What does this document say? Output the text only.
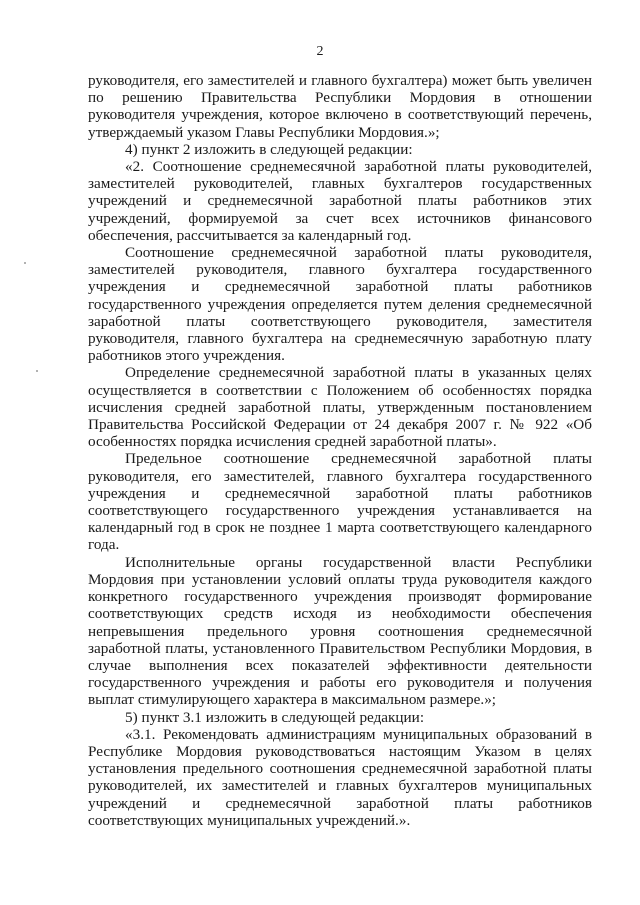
2

руководителя, его заместителей и главного бухгалтера) может быть увеличен по решению Правительства Республики Мордовия в отношении руководителя учреждения, которое включено в соответствующий перечень, утверждаемый указом Главы Республики Мордовия.»;

4) пункт 2 изложить в следующей редакции:

«2. Соотношение среднемесячной заработной платы руководителей, заместителей руководителей, главных бухгалтеров государственных учреждений и среднемесячной заработной платы работников этих учреждений, формируемой за счет всех источников финансового обеспечения, рассчитывается за календарный год.

Соотношение среднемесячной заработной платы руководителя, заместителей руководителя, главного бухгалтера государственного учреждения и среднемесячной заработной платы работников государственного учреждения определяется путем деления среднемесячной заработной платы соответствующего руководителя, заместителя руководителя, главного бухгалтера на среднемесячную заработную плату работников этого учреждения.

Определение среднемесячной заработной платы в указанных целях осуществляется в соответствии с Положением об особенностях порядка исчисления средней заработной платы, утвержденным постановлением Правительства Российской Федерации от 24 декабря 2007 г. № 922 «Об особенностях порядка исчисления средней заработной платы».

Предельное соотношение среднемесячной заработной платы руководителя, его заместителей, главного бухгалтера государственного учреждения и среднемесячной заработной платы работников соответствующего государственного учреждения устанавливается на календарный год в срок не позднее 1 марта соответствующего календарного года.

Исполнительные органы государственной власти Республики Мордовия при установлении условий оплаты труда руководителя каждого конкретного государственного учреждения производят формирование соответствующих средств исходя из необходимости обеспечения непревышения предельного уровня соотношения среднемесячной заработной платы, установленного Правительством Республики Мордовия, в случае выполнения всех показателей эффективности деятельности государственного учреждения и работы его руководителя и получения выплат стимулирующего характера в максимальном размере.»;

5) пункт 3.1 изложить в следующей редакции:

«3.1. Рекомендовать администрациям муниципальных образований в Республике Мордовия руководствоваться настоящим Указом в целях установления предельного соотношения среднемесячной заработной платы руководителей, их заместителей и главных бухгалтеров муниципальных учреждений и среднемесячной заработной платы работников соответствующих муниципальных учреждений.».
